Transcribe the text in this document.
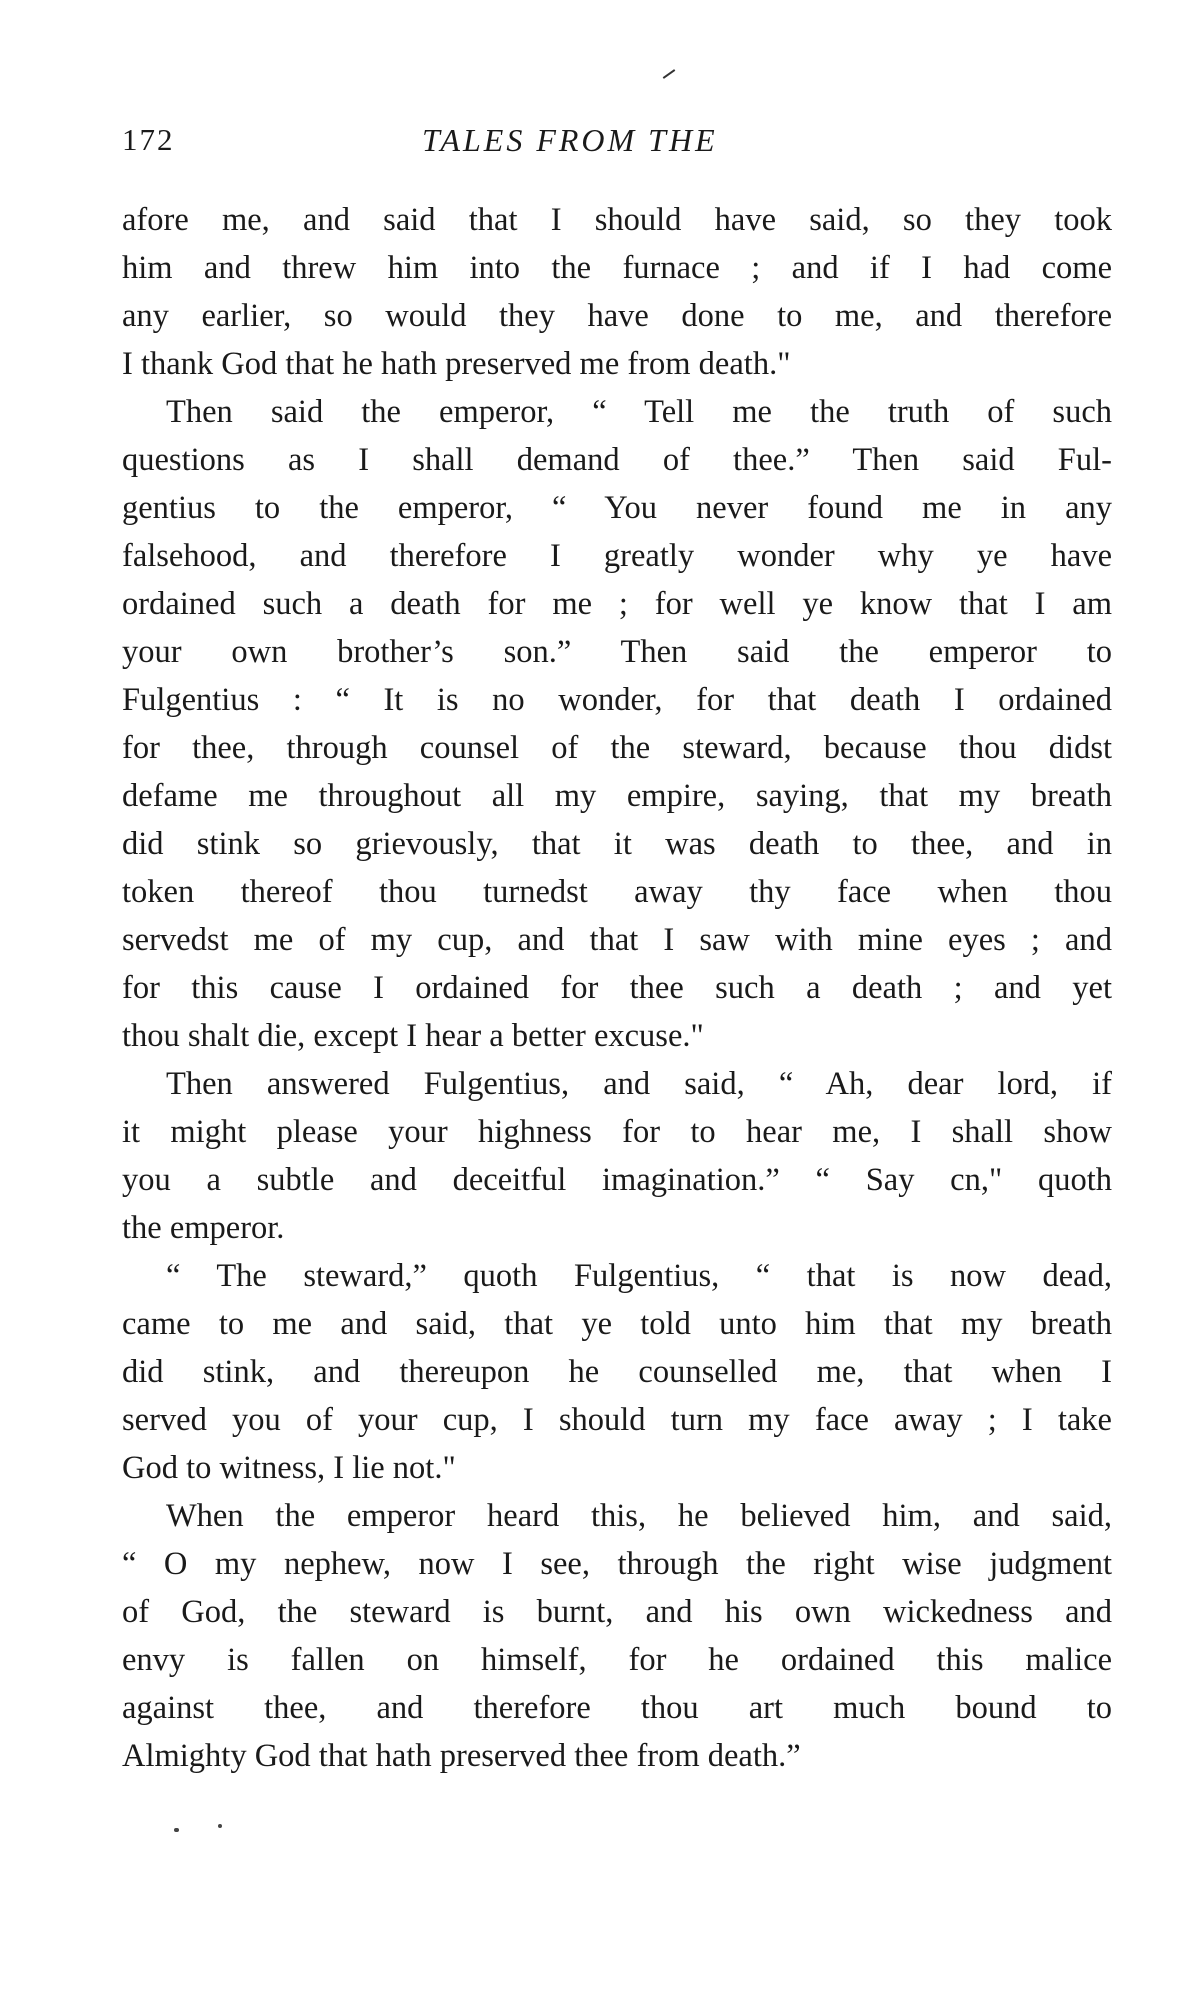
172	TALES FROM THE
afore me, and said that I should have said, so they took
him and threw him into the furnace ; and if I had come
any earlier, so would they have done to me, and therefore
I thank God that he hath preserved me from death."
Then said the emperor, “ Tell me the truth of such
questions as I shall demand of thee.” Then said Ful-
gentius to the emperor, “ You never found me in any
falsehood, and therefore I greatly wonder why ye have
ordained such a death for me ; for well ye know that I am
your own brother’s son.” Then said the emperor to
Fulgentius : “ It is no wonder, for that death I ordained
for thee, through counsel of the steward, because thou didst
defame me throughout all my empire, saying, that my breath
did stink so grievously, that it was death to thee, and in
token thereof thou turnedst away thy face when thou
servedst me of my cup, and that I saw with mine eyes ; and
for this cause I ordained for thee such a death ; and yet
thou shalt die, except I hear a better excuse."
Then answered Fulgentius, and said, “ Ah, dear lord, if
it might please your highness for to hear me, I shall show
you a subtle and deceitful imagination.” “ Say cn," quoth
the emperor.
“ The steward,” quoth Fulgentius, “ that is now dead,
came to me and said, that ye told unto him that my breath
did stink, and thereupon he counselled me, that when I
served you of your cup, I should turn my face away ; I take
God to witness, I lie not."
When the emperor heard this, he believed him, and said,
“ O my nephew, now I see, through the right wise judgment
of God, the steward is burnt, and his own wickedness and
envy is fallen on himself, for he ordained this malice
against thee, and therefore thou art much bound to
Almighty God that hath preserved thee from death.”
